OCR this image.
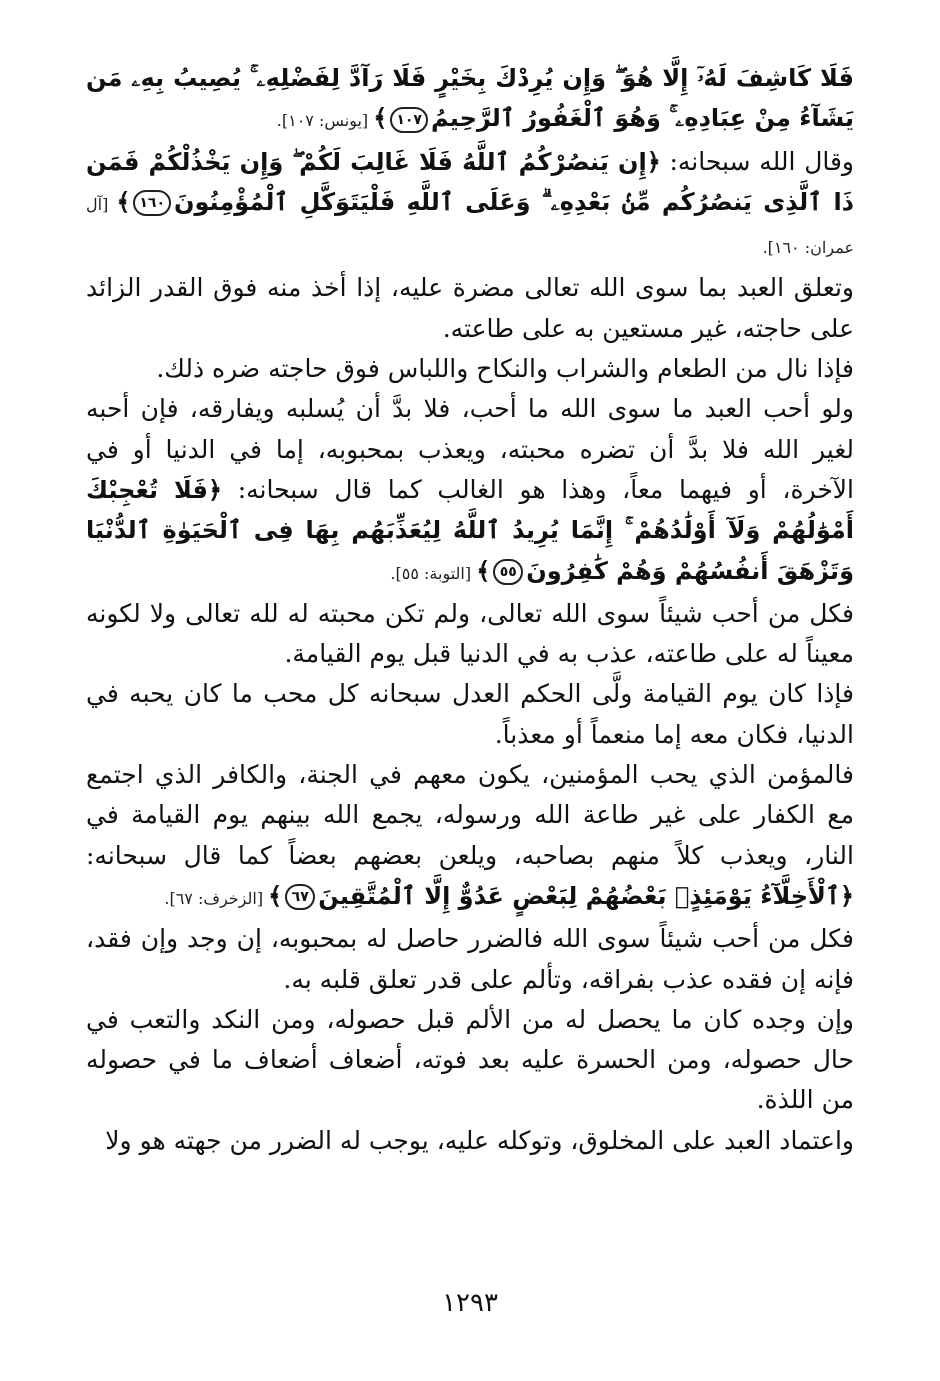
فَلَا كَاشِفَ لَهُۥٓ إِلَّا هُوَ ۖ وَإِن يُرِدْكَ بِخَيْرٍ فَلَا رَآدَّ لِفَضْلِهِۦ ۚ يُصِيبُ بِهِۦ مَن يَشَآءُ مِنْ عِبَادِهِۦ ۚ وَهُوَ ٱلْغَفُورُ ٱلرَّحِيمُ١٠٧﴾ [يونس: ١٠٧].

وقال الله سبحانه: ﴿إِن يَنصُرْكُمُ ٱللَّهُ فَلَا غَالِبَ لَكُمْ ۖ وَإِن يَخْذُلْكُمْ فَمَن ذَا ٱلَّذِى يَنصُرُكُم مِّنۢ بَعْدِهِۦ ۗ وَعَلَى ٱللَّهِ فَلْيَتَوَكَّلِ ٱلْمُؤْمِنُونَ١٦٠﴾ [آل عمران: ١٦٠].

وتعلق العبد بما سوى الله تعالى مضرة عليه، إذا أخذ منه فوق القدر الزائد على حاجته، غير مستعين به على طاعته.

فإذا نال من الطعام والشراب والنكاح واللباس فوق حاجته ضره ذلك.

ولو أحب العبد ما سوى الله ما أحب، فلا بدَّ أن يُسلبه ويفارقه، فإن أحبه لغير الله فلا بدَّ أن تضره محبته، ويعذب بمحبوبه، إما في الدنيا أو في الآخرة، أو فيهما معاً، وهذا هو الغالب كما قال سبحانه: ﴿فَلَا تُعْجِبْكَ أَمْوَٰلُهُمْ وَلَآ أَوْلَٰدُهُمْ ۚ إِنَّمَا يُرِيدُ ٱللَّهُ لِيُعَذِّبَهُم بِهَا فِى ٱلْحَيَوٰةِ ٱلدُّنْيَا وَتَزْهَقَ أَنفُسُهُمْ وَهُمْ كَٰفِرُونَ٥٥﴾ [التوبة: ٥٥].

فكل من أحب شيئاً سوى الله تعالى، ولم تكن محبته له لله تعالى ولا لكونه معيناً له على طاعته، عذب به في الدنيا قبل يوم القيامة.

فإذا كان يوم القيامة ولَّى الحكم العدل سبحانه كل محب ما كان يحبه في الدنيا، فكان معه إما منعماً أو معذباً.

فالمؤمن الذي يحب المؤمنين، يكون معهم في الجنة، والكافر الذي اجتمع مع الكفار على غير طاعة الله ورسوله، يجمع الله بينهم يوم القيامة في النار، ويعذب كلاً منهم بصاحبه، ويلعن بعضهم بعضاً كما قال سبحانه: ﴿ٱلْأَخِلَّآءُ يَوْمَئِذٍۭ بَعْضُهُمْ لِبَعْضٍ عَدُوٌّ إِلَّا ٱلْمُتَّقِينَ٦٧﴾ [الزخرف: ٦٧].

فكل من أحب شيئاً سوى الله فالضرر حاصل له بمحبوبه، إن وجد وإن فقد، فإنه إن فقده عذب بفراقه، وتألم على قدر تعلق قلبه به.

وإن وجده كان ما يحصل له من الألم قبل حصوله، ومن النكد والتعب في حال حصوله، ومن الحسرة عليه بعد فوته، أضعاف أضعاف ما في حصوله من اللذة.

واعتماد العبد على المخلوق، وتوكله عليه، يوجب له الضرر من جهته هو ولا

١٢٩٣
